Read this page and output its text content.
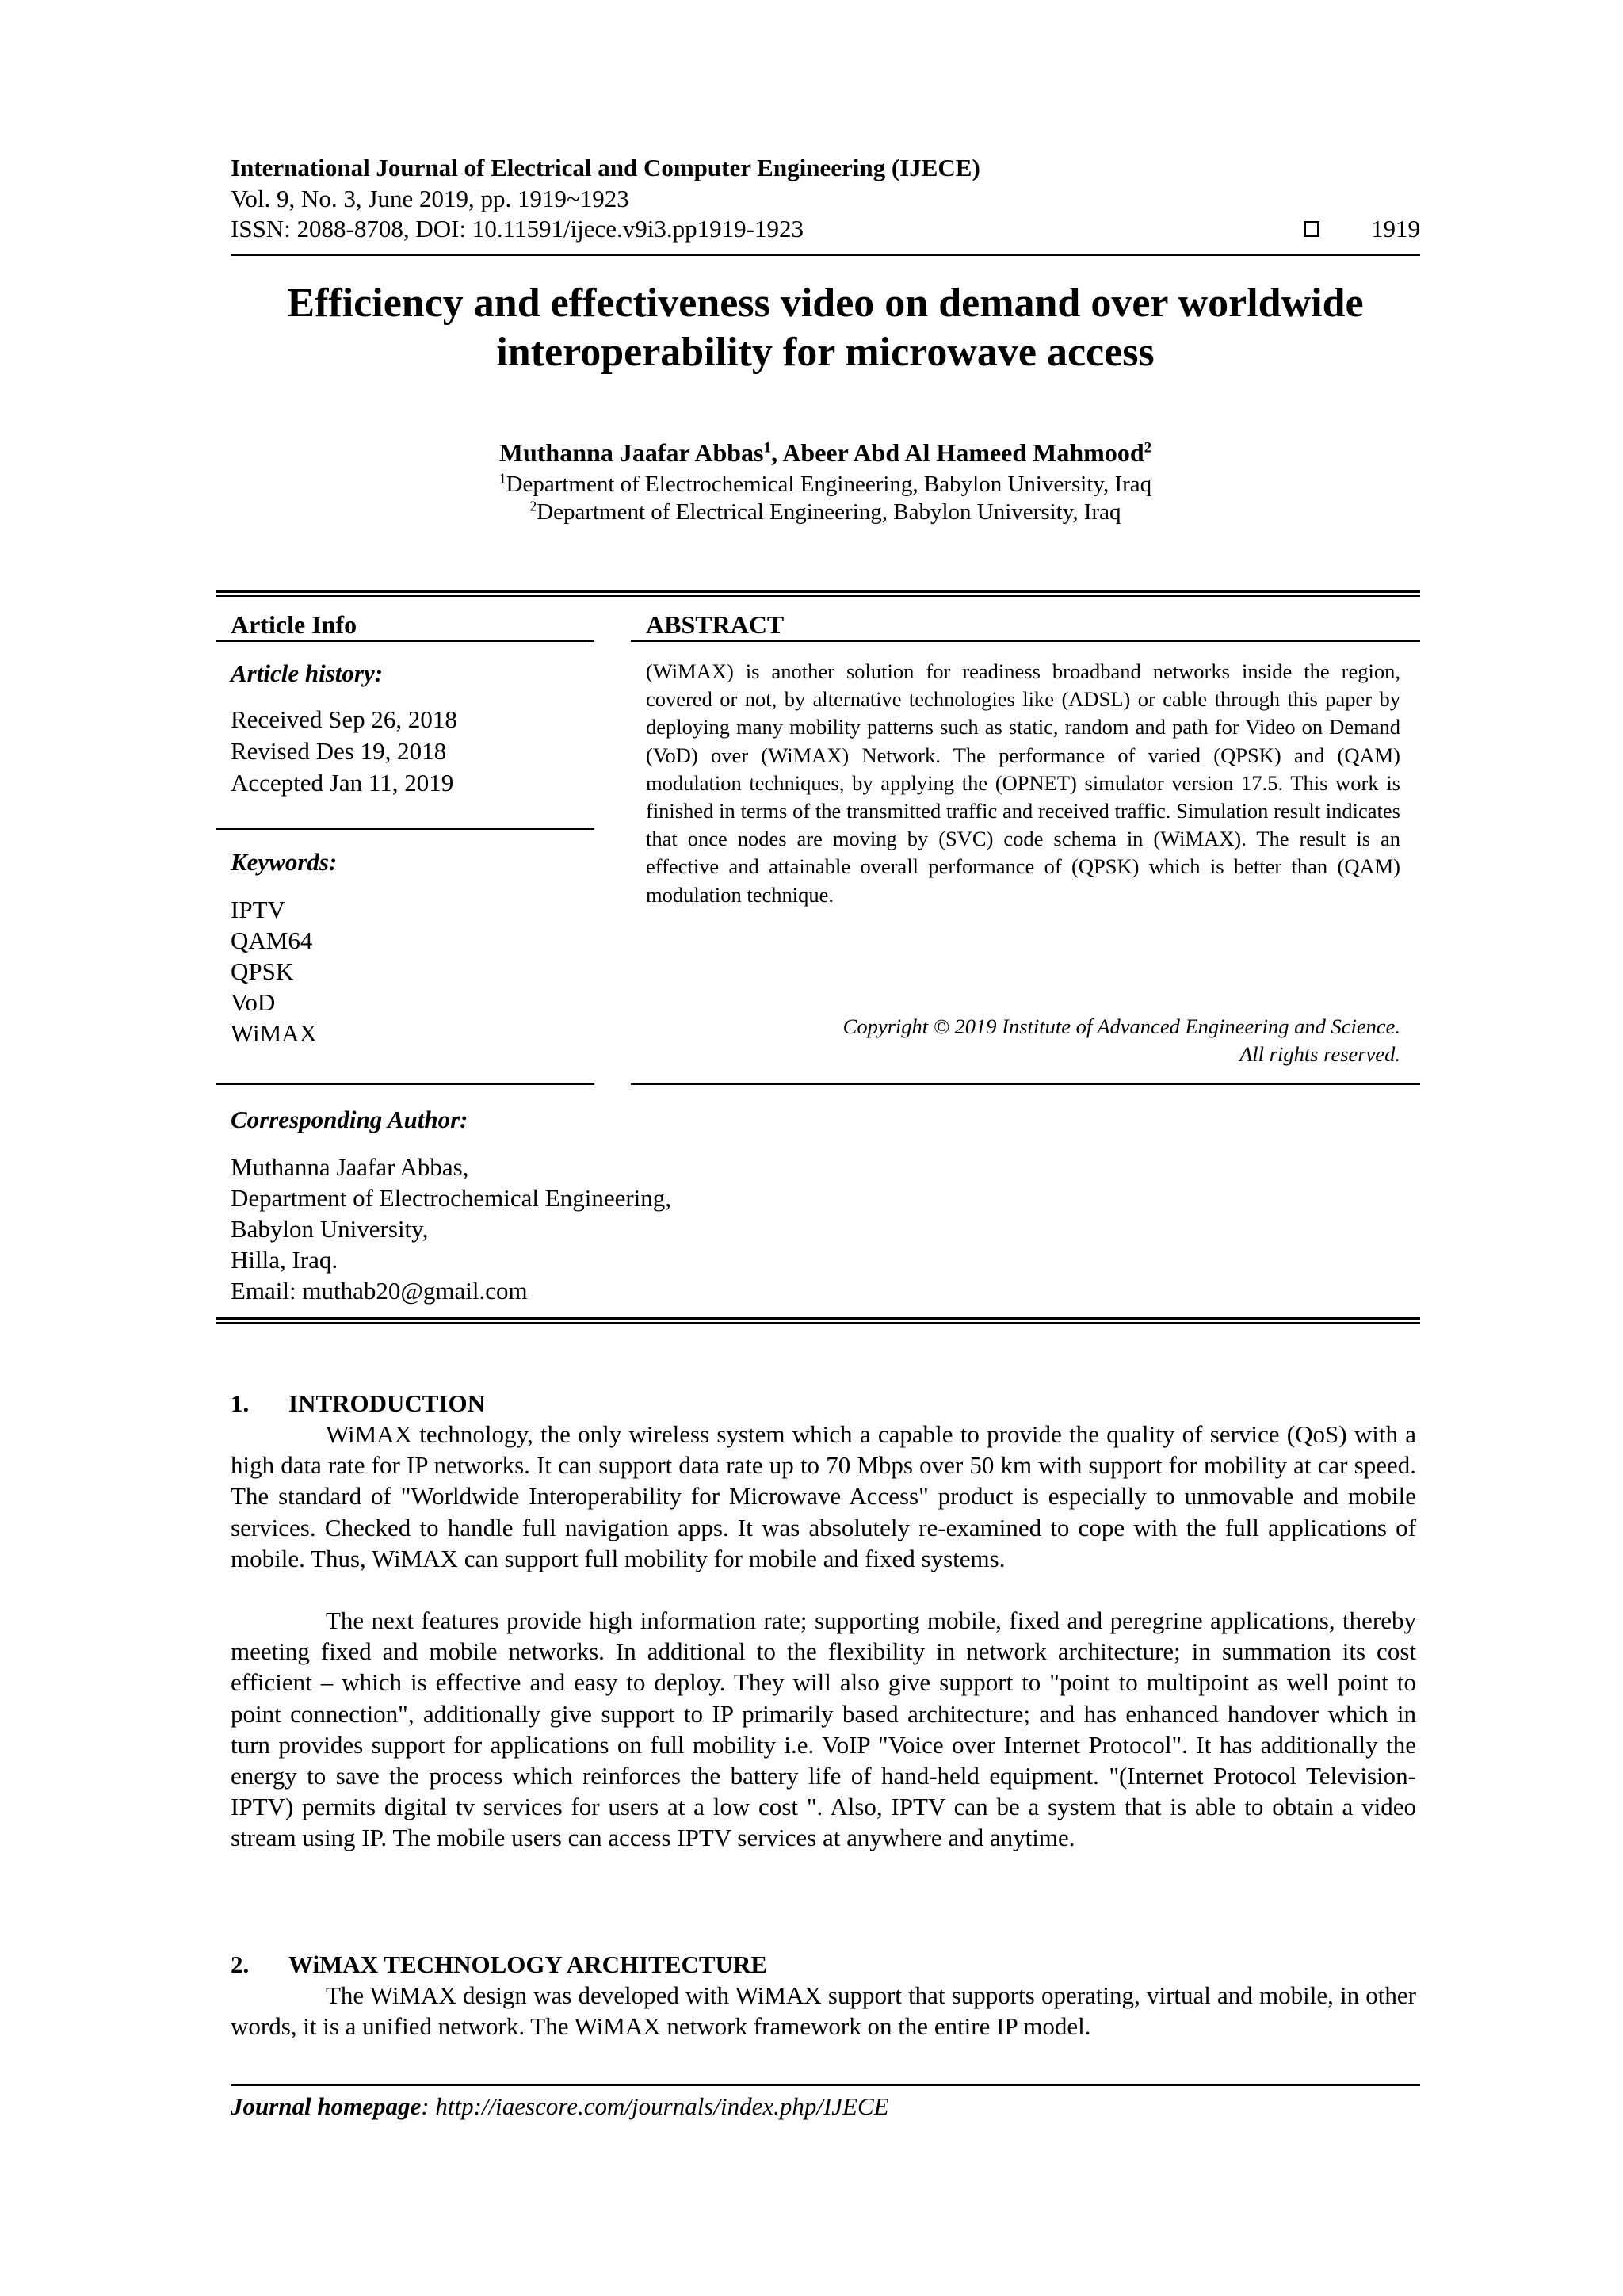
International Journal of Electrical and Computer Engineering (IJECE)
Vol. 9, No. 3, June 2019, pp. 1919~1923
ISSN: 2088-8708, DOI: 10.11591/ijece.v9i3.pp1919-1923	1919
Efficiency and effectiveness video on demand over worldwide
interoperability for microwave access
Muthanna Jaafar Abbas$^1$, Abeer Abd Al Hameed Mahmood$^2$
$^1$Department of Electrochemical Engineering, Babylon University, Iraq
$^2$Department of Electrical Engineering, Babylon University, Iraq
Article Info	ABSTRACT
Article history:
Received Sep 26, 2018
Revised Des 19, 2018
Accepted Jan 11, 2019
Keywords:
IPTV
QAM64
QPSK
VoD
WiMAX
(WiMAX) is another solution for readiness broadband networks inside the region, covered or not, by alternative technologies like (ADSL) or cable through this paper by deploying many mobility patterns such as static, random and path for Video on Demand (VoD) over (WiMAX) Network. The performance of varied (QPSK) and (QAM) modulation techniques, by applying the (OPNET) simulator version 17.5. This work is finished in terms of the transmitted traffic and received traffic. Simulation result indicates that once nodes are moving by (SVC) code schema in (WiMAX). The result is an effective and attainable overall performance of (QPSK) which is better than (QAM) modulation technique.
Copyright © 2019 Institute of Advanced Engineering and Science.
All rights reserved.
Corresponding Author:
Muthanna Jaafar Abbas,
Department of Electrochemical Engineering,
Babylon University,
Hilla, Iraq.
Email: muthab20@gmail.com
1. INTRODUCTION
WiMAX technology, the only wireless system which a capable to provide the quality of service (QoS) with a high data rate for IP networks. It can support data rate up to 70 Mbps over 50 km with support for mobility at car speed. The standard of "Worldwide Interoperability for Microwave Access" product is especially to unmovable and mobile services. Checked to handle full navigation apps. It was absolutely re-examined to cope with the full applications of mobile. Thus, WiMAX can support full mobility for mobile and fixed systems.
The next features provide high information rate; supporting mobile, fixed and peregrine applications, thereby meeting fixed and mobile networks. In additional to the flexibility in network architecture; in summation its cost efficient – which is effective and easy to deploy. They will also give support to "point to multipoint as well point to point connection", additionally give support to IP primarily based architecture; and has enhanced handover which in turn provides support for applications on full mobility i.e. VoIP "Voice over Internet Protocol". It has additionally the energy to save the process which reinforces the battery life of hand-held equipment. "(Internet Protocol Television- IPTV) permits digital tv services for users at a low cost ". Also, IPTV can be a system that is able to obtain a video stream using IP. The mobile users can access IPTV services at anywhere and anytime.
2. WiMAX TECHNOLOGY ARCHITECTURE
The WiMAX design was developed with WiMAX support that supports operating, virtual and mobile, in other words, it is a unified network. The WiMAX network framework on the entire IP model.
Journal homepage: http://iaescore.com/journals/index.php/IJECE
